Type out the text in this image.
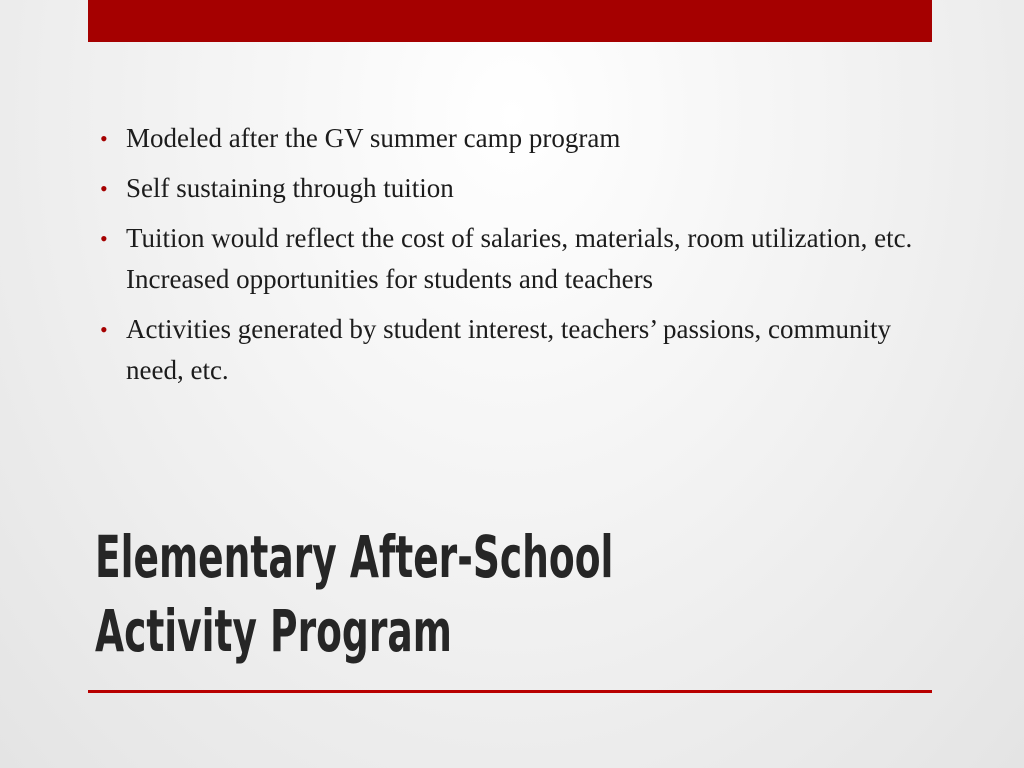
• Modeled after the GV summer camp program
• Self sustaining through tuition
• Tuition would reflect the cost of salaries, materials, room utilization, etc. Increased opportunities for students and teachers
• Activities generated by student interest, teachers’ passions, community need, etc.
Elementary After-School
Activity Program
